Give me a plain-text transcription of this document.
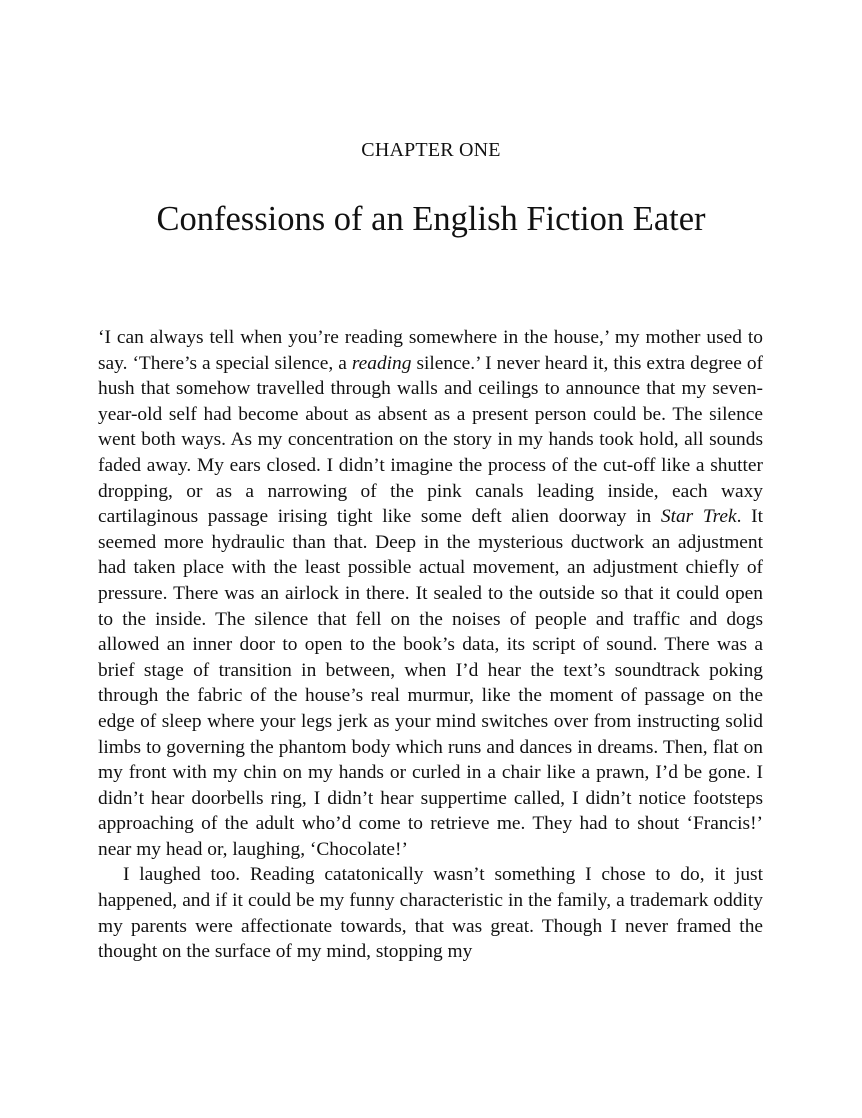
CHAPTER ONE
Confessions of an English Fiction Eater

‘I can always tell when you’re reading somewhere in the house,’ my mother used to say. ‘There’s a special silence, a reading silence.’ I never heard it, this extra degree of hush that somehow travelled through walls and ceilings to announce that my seven-year-old self had become about as absent as a present person could be. The silence went both ways. As my concentration on the story in my hands took hold, all sounds faded away. My ears closed. I didn’t imagine the process of the cut-off like a shutter dropping, or as a narrowing of the pink canals leading inside, each waxy cartilaginous passage irising tight like some deft alien doorway in Star Trek. It seemed more hydraulic than that. Deep in the mysterious ductwork an adjustment had taken place with the least possible actual movement, an adjustment chiefly of pressure. There was an airlock in there. It sealed to the outside so that it could open to the inside. The silence that fell on the noises of people and traffic and dogs allowed an inner door to open to the book’s data, its script of sound. There was a brief stage of transition in between, when I’d hear the text’s soundtrack poking through the fabric of the house’s real murmur, like the moment of passage on the edge of sleep where your legs jerk as your mind switches over from instructing solid limbs to governing the phantom body which runs and dances in dreams. Then, flat on my front with my chin on my hands or curled in a chair like a prawn, I’d be gone. I didn’t hear doorbells ring, I didn’t hear suppertime called, I didn’t notice footsteps approaching of the adult who’d come to retrieve me. They had to shout ‘Francis!’ near my head or, laughing, ‘Chocolate!’

I laughed too. Reading catatonically wasn’t something I chose to do, it just happened, and if it could be my funny characteristic in the family, a trademark oddity my parents were affectionate towards, that was great. Though I never framed the thought on the surface of my mind, stopping my
